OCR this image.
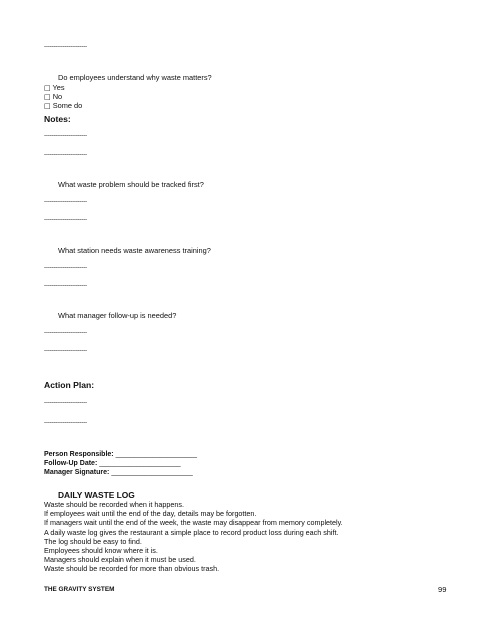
-----------------------
Do employees understand why waste matters?
□ Yes
□ No
□ Some do
Notes:
-----------------------
-----------------------
What waste problem should be tracked first?
-----------------------
-----------------------
What station needs waste awareness training?
-----------------------
-----------------------
What manager follow-up is needed?
-----------------------
-----------------------
Action Plan:
-----------------------
-----------------------
Person Responsible: ______________________
Follow-Up Date: ______________________
Manager Signature: ______________________
DAILY WASTE LOG
Waste should be recorded when it happens.
If employees wait until the end of the day, details may be forgotten.
If managers wait until the end of the week, the waste may disappear from memory completely.
A daily waste log gives the restaurant a simple place to record product loss during each shift.
The log should be easy to find.
Employees should know where it is.
Managers should explain when it must be used.
Waste should be recorded for more than obvious trash.
THE GRAVITY SYSTEM	99
